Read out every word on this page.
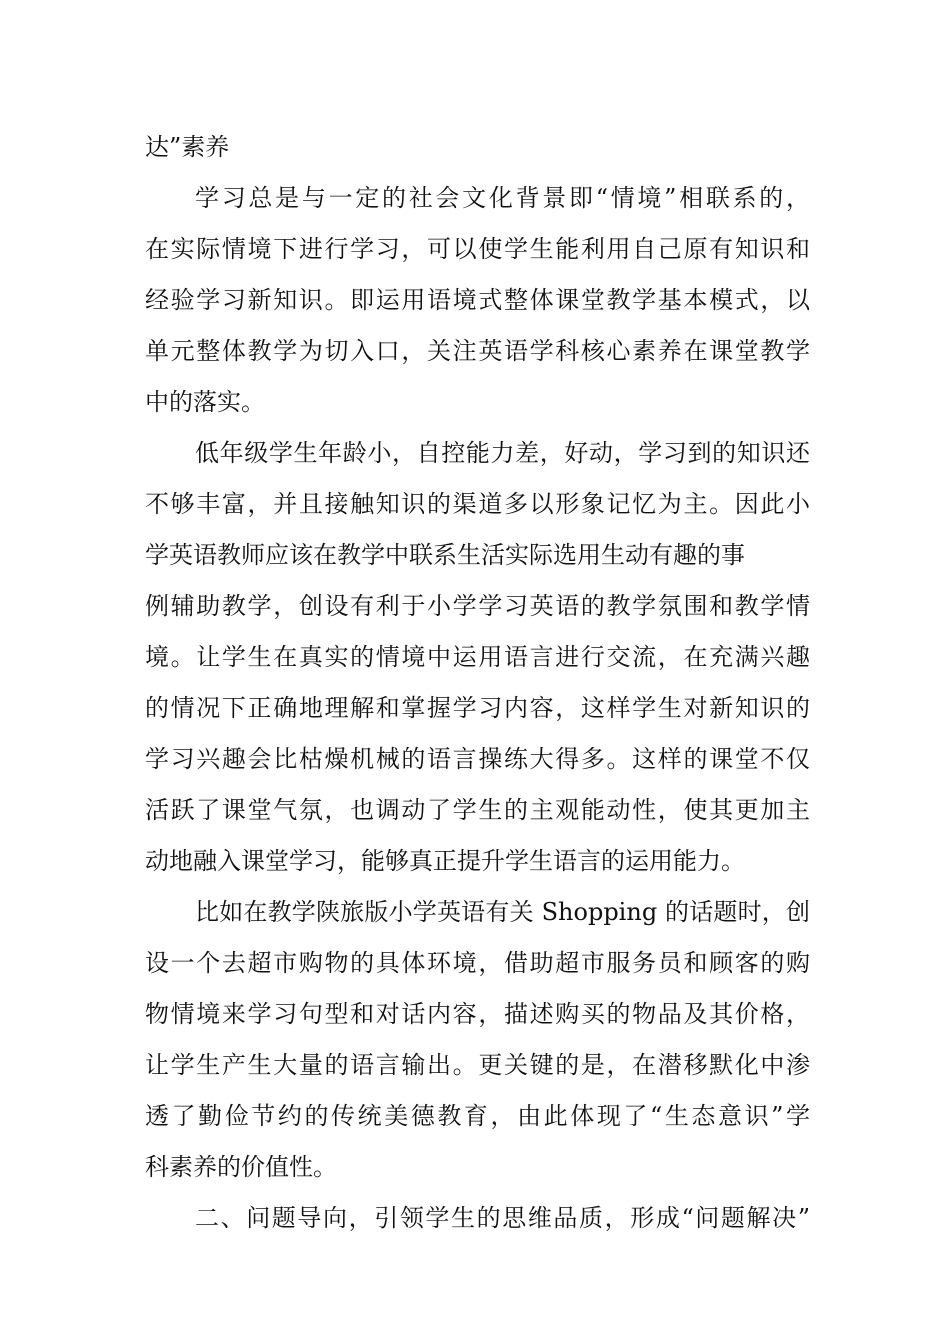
达”素养
学习总是与一定的社会文化背景即“情境”相联系的，
在实际情境下进行学习，可以使学生能利用自己原有知识和
经验学习新知识。即运用语境式整体课堂教学基本模式，以
单元整体教学为切入口，关注英语学科核心素养在课堂教学
中的落实。
低年级学生年龄小，自控能力差，好动，学习到的知识还
不够丰富，并且接触知识的渠道多以形象记忆为主。因此小
学英语教师应该在教学中联系生活实际选用生动有趣的事
例辅助教学，创设有利于小学学习英语的教学氛围和教学情
境。让学生在真实的情境中运用语言进行交流，在充满兴趣
的情况下正确地理解和掌握学习内容，这样学生对新知识的
学习兴趣会比枯燥机械的语言操练大得多。这样的课堂不仅
活跃了课堂气氛，也调动了学生的主观能动性，使其更加主
动地融入课堂学习，能够真正提升学生语言的运用能力。
比如在教学陕旅版小学英语有关 Shopping 的话题时，创
设一个去超市购物的具体环境，借助超市服务员和顾客的购
物情境来学习句型和对话内容，描述购买的物品及其价格，
让学生产生大量的语言输出。更关键的是，在潜移默化中渗
透了勤俭节约的传统美德教育，由此体现了“生态意识”学
科素养的价值性。
二、问题导向，引领学生的思维品质，形成“问题解决”
